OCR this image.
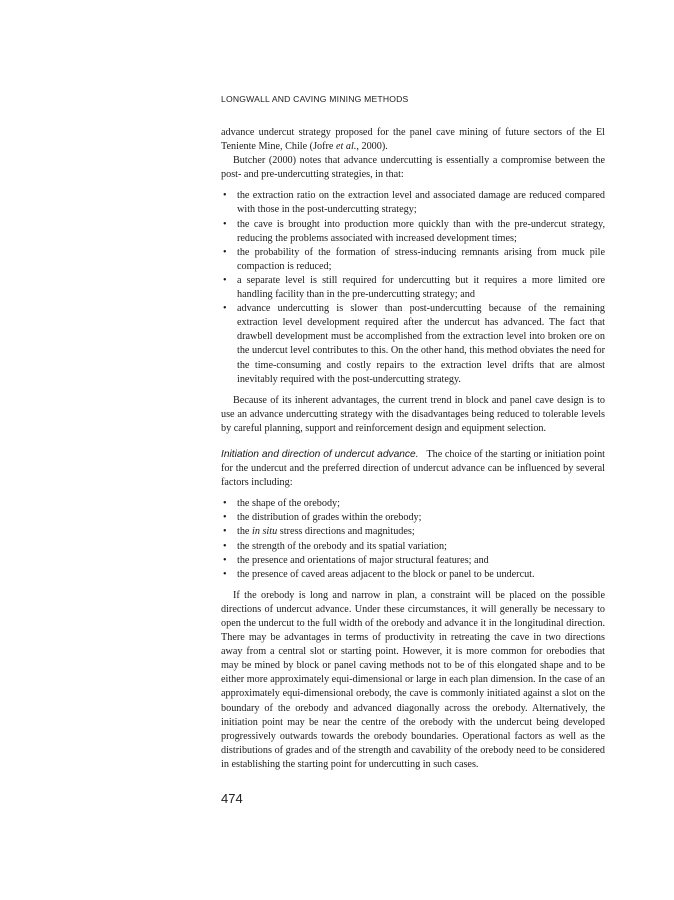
LONGWALL AND CAVING MINING METHODS

advance undercut strategy proposed for the panel cave mining of future sectors of the El Teniente Mine, Chile (Jofre et al., 2000).

Butcher (2000) notes that advance undercutting is essentially a compromise between the post- and pre-undercutting strategies, in that:

• the extraction ratio on the extraction level and associated damage are reduced compared with those in the post-undercutting strategy;
• the cave is brought into production more quickly than with the pre-undercut strategy, reducing the problems associated with increased development times;
• the probability of the formation of stress-inducing remnants arising from muck pile compaction is reduced;
• a separate level is still required for undercutting but it requires a more limited ore handling facility than in the pre-undercutting strategy; and
• advance undercutting is slower than post-undercutting because of the remaining extraction level development required after the undercut has advanced. The fact that drawbell development must be accomplished from the extraction level into broken ore on the undercut level contributes to this. On the other hand, this method obviates the need for the time-consuming and costly repairs to the extraction level drifts that are almost inevitably required with the post-undercutting strategy.

Because of its inherent advantages, the current trend in block and panel cave design is to use an advance undercutting strategy with the disadvantages being reduced to tolerable levels by careful planning, support and reinforcement design and equipment selection.

Initiation and direction of undercut advance. The choice of the starting or initiation point for the undercut and the preferred direction of undercut advance can be influenced by several factors including:

• the shape of the orebody;
• the distribution of grades within the orebody;
• the in situ stress directions and magnitudes;
• the strength of the orebody and its spatial variation;
• the presence and orientations of major structural features; and
• the presence of caved areas adjacent to the block or panel to be undercut.

If the orebody is long and narrow in plan, a constraint will be placed on the possible directions of undercut advance. Under these circumstances, it will generally be necessary to open the undercut to the full width of the orebody and advance it in the longitudinal direction. There may be advantages in terms of productivity in retreating the cave in two directions away from a central slot or starting point. However, it is more common for orebodies that may be mined by block or panel caving methods not to be of this elongated shape and to be either more approximately equi-dimensional or large in each plan dimension. In the case of an approximately equi-dimensional orebody, the cave is commonly initiated against a slot on the boundary of the orebody and advanced diagonally across the orebody. Alternatively, the initiation point may be near the centre of the orebody with the undercut being developed progressively outwards towards the orebody boundaries. Operational factors as well as the distributions of grades and of the strength and cavability of the orebody need to be considered in establishing the starting point for undercutting in such cases.

474
